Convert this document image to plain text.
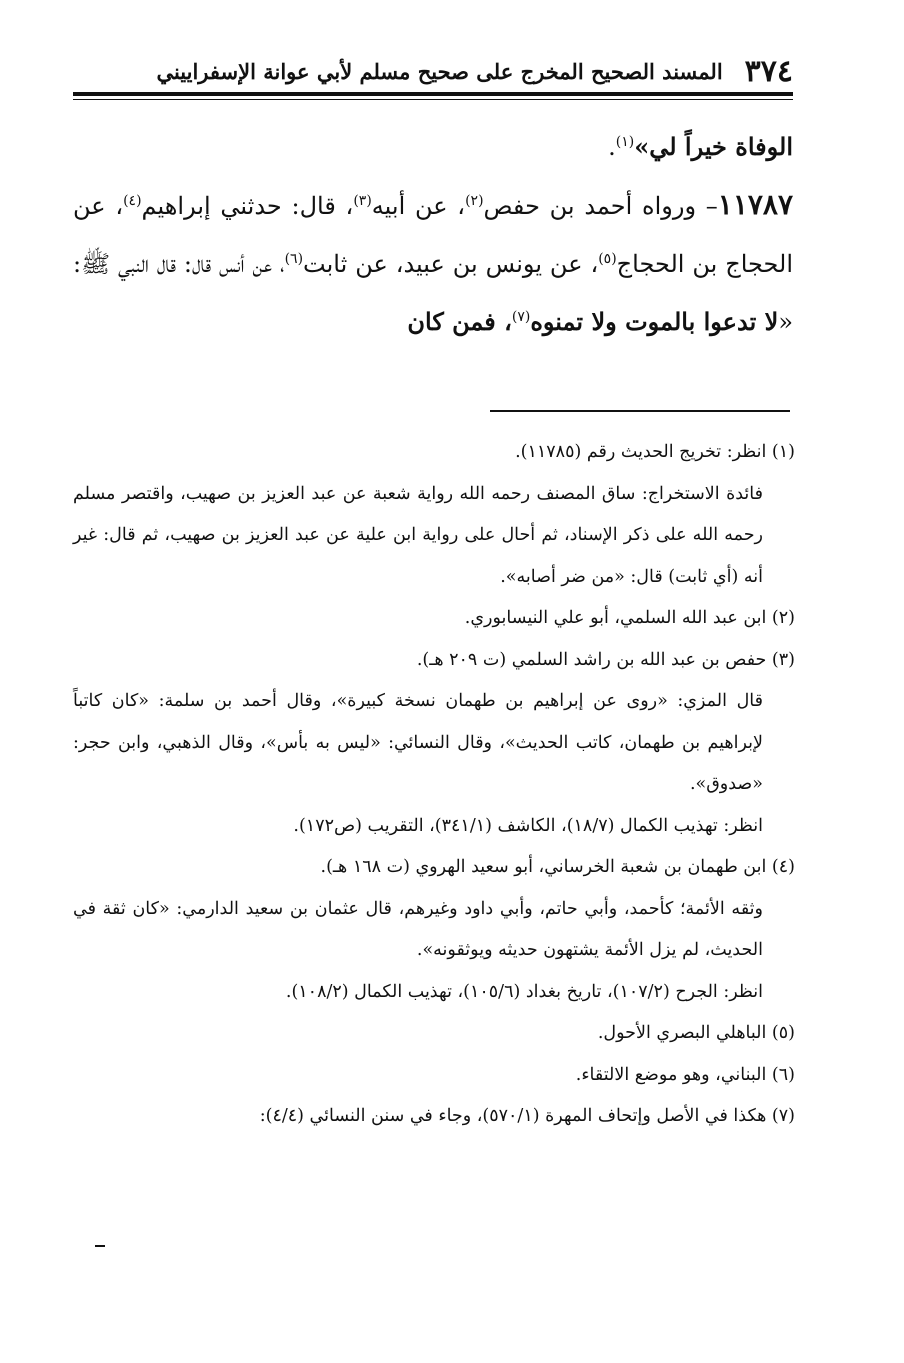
٣٧٤
المسند الصحيح المخرج على صحيح مسلم لأبي عوانة الإسفراييني

الوفاة خيراً لي»$^{(١)}$.

١١٧٨٧– ورواه أحمد بن حفص$^{(٢)}$، عن أبيه$^{(٣)}$، قال: حدثني إبراهيم$^{(٤)}$، عن الحجاج بن الحجاج$^{(٥)}$، عن يونس بن عبيد، عن ثابت$^{(٦)}$، عن أنس قال: قال النبي ﷺ: «لا تدعوا بالموت ولا تمنوه$^{(٧)}$، فمن كان

(١) انظر: تخريج الحديث رقم (١١٧٨٥).

فائدة الاستخراج: ساق المصنف رحمه الله رواية شعبة عن عبد العزيز بن صهيب، واقتصر مسلم رحمه الله على ذكر الإسناد، ثم أحال على رواية ابن علية عن عبد العزيز بن صهيب، ثم قال: غير أنه (أي ثابت) قال: «من ضر أصابه».

(٢) ابن عبد الله السلمي، أبو علي النيسابوري.

(٣) حفص بن عبد الله بن راشد السلمي (ت ٢٠٩ هـ).

قال المزي: «روى عن إبراهيم بن طهمان نسخة كبيرة»، وقال أحمد بن سلمة: «كان كاتباً لإبراهيم بن طهمان، كاتب الحديث»، وقال النسائي: «ليس به بأس»، وقال الذهبي، وابن حجر: «صدوق».

انظر: تهذيب الكمال (١٨/٧)، الكاشف (٣٤١/١)، التقريب (ص١٧٢).

(٤) ابن طهمان بن شعبة الخرساني، أبو سعيد الهروي (ت ١٦٨ هـ).

وثقه الأئمة؛ كأحمد، وأبي حاتم، وأبي داود وغيرهم، قال عثمان بن سعيد الدارمي: «كان ثقة في الحديث، لم يزل الأئمة يشتهون حديثه ويوثقونه».

انظر: الجرح (١٠٧/٢)، تاريخ بغداد (١٠٥/٦)، تهذيب الكمال (١٠٨/٢).

(٥) الباهلي البصري الأحول.

(٦) البناني، وهو موضع الالتقاء.

(٧) هكذا في الأصل وإتحاف المهرة (٥٧٠/١)، وجاء في سنن النسائي (٤/٤):
